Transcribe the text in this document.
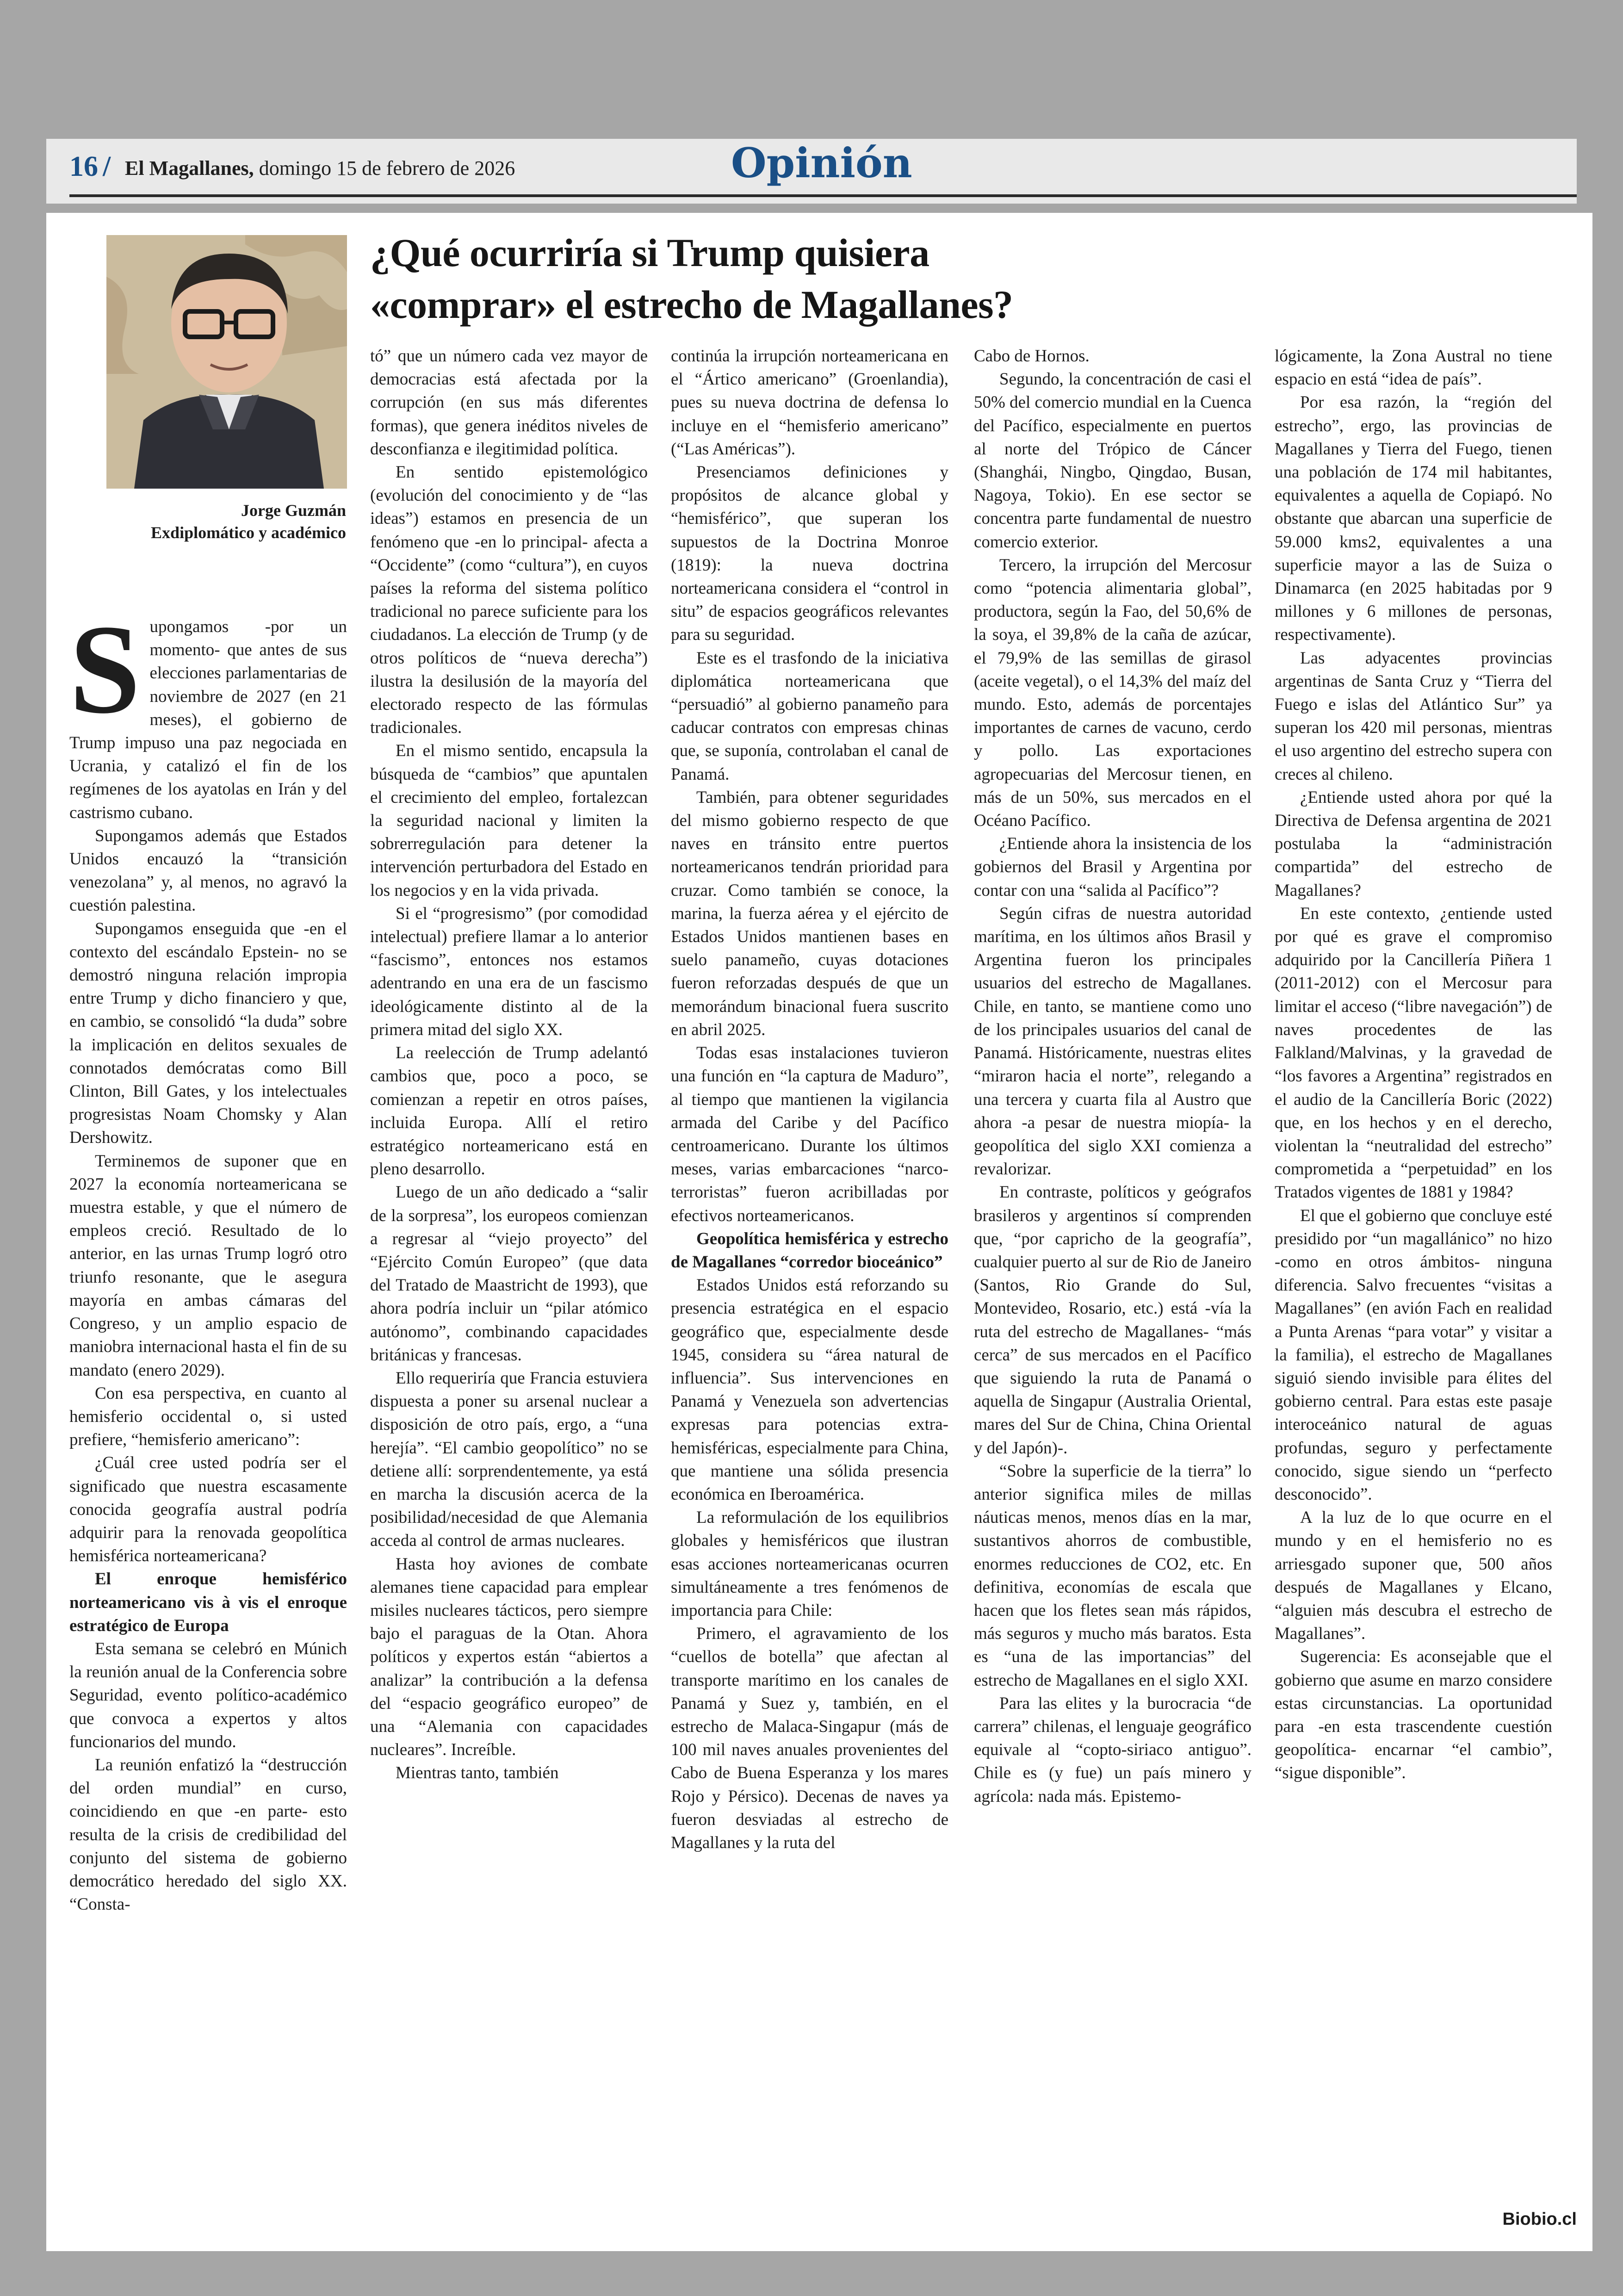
16 / El Magallanes, domingo 15 de febrero de 2026	Opinión
Jorge Guzmán
Exdiplomático y académico
¿Qué ocurriría si Trump quisiera
«comprar» el estrecho de Magallanes?
S upongamos -por un momento- que antes de sus elecciones parlamentarias de noviembre de 2027 (en 21 meses), el gobierno de Trump impuso una paz negociada en Ucrania, y catalizó el fin de los regímenes de los ayatolas en Irán y del castrismo cubano.

Supongamos además que Estados Unidos encauzó la “transición venezolana” y, al menos, no agravó la cuestión palestina.

Supongamos enseguida que -en el contexto del escándalo Epstein- no se demostró ninguna relación impropia entre Trump y dicho financiero y que, en cambio, se consolidó “la duda” sobre la implicación en delitos sexuales de connotados demócratas como Bill Clinton, Bill Gates, y los intelectuales progresistas Noam Chomsky y Alan Dershowitz.

Terminemos de suponer que en 2027 la economía norteamericana se muestra estable, y que el número de empleos creció. Resultado de lo anterior, en las urnas Trump logró otro triunfo resonante, que le asegura mayoría en ambas cámaras del Congreso, y un amplio espacio de maniobra internacional hasta el fin de su mandato (enero 2029).

Con esa perspectiva, en cuanto al hemisferio occidental o, si usted prefiere, “hemisferio americano”:

¿Cuál cree usted podría ser el significado que nuestra escasamente conocida geografía austral podría adquirir para la renovada geopolítica hemisférica norteamericana?

El enroque hemisférico norteamericano vis à vis el enroque estratégico de Europa

Esta semana se celebró en Múnich la reunión anual de la Conferencia sobre Seguridad, evento político-académico que convoca a expertos y altos funcionarios del mundo.

La reunión enfatizó la “destrucción del orden mundial” en curso, coincidiendo en que -en parte- esto resulta de la crisis de credibilidad del conjunto del sistema de gobierno democrático heredado del siglo XX. “Consta-

tó” que un número cada vez mayor de democracias está afectada por la corrupción (en sus más diferentes formas), que genera inéditos niveles de desconfianza e ilegitimidad política.

En sentido epistemológico (evolución del conocimiento y de “las ideas”) estamos en presencia de un fenómeno que -en lo principal- afecta a “Occidente” (como “cultura”), en cuyos países la reforma del sistema político tradicional no parece suficiente para los ciudadanos. La elección de Trump (y de otros políticos de “nueva derecha”) ilustra la desilusión de la mayoría del electorado respecto de las fórmulas tradicionales.

En el mismo sentido, encapsula la búsqueda de “cambios” que apuntalen el crecimiento del empleo, fortalezcan la seguridad nacional y limiten la sobrerregulación para detener la intervención perturbadora del Estado en los negocios y en la vida privada.

Si el “progresismo” (por comodidad intelectual) prefiere llamar a lo anterior “fascismo”, entonces nos estamos adentrando en una era de un fascismo ideológicamente distinto al de la primera mitad del siglo XX.

La reelección de Trump adelantó cambios que, poco a poco, se comienzan a repetir en otros países, incluida Europa. Allí el retiro estratégico norteamericano está en pleno desarrollo.

Luego de un año dedicado a “salir de la sorpresa”, los europeos comienzan a regresar al “viejo proyecto” del “Ejército Común Europeo” (que data del Tratado de Maastricht de 1993), que ahora podría incluir un “pilar atómico autónomo”, combinando capacidades británicas y francesas.

Ello requeriría que Francia estuviera dispuesta a poner su arsenal nuclear a disposición de otro país, ergo, a “una herejía”. “El cambio geopolítico” no se detiene allí: sorprendentemente, ya está en marcha la discusión acerca de la posibilidad/necesidad de que Alemania acceda al control de armas nucleares.

Hasta hoy aviones de combate alemanes tiene capacidad para emplear misiles nucleares tácticos, pero siempre bajo el paraguas de la Otan. Ahora políticos y expertos están “abiertos a analizar” la contribución a la defensa del “espacio geográfico europeo” de una “Alemania con capacidades nucleares”. Increíble.

Mientras tanto, también

continúa la irrupción norteamericana en el “Ártico americano” (Groenlandia), pues su nueva doctrina de defensa lo incluye en el “hemisferio americano” (“Las Américas”).

Presenciamos definiciones y propósitos de alcance global y “hemisférico”, que superan los supuestos de la Doctrina Monroe (1819): la nueva doctrina norteamericana considera el “control in situ” de espacios geográficos relevantes para su seguridad.

Este es el trasfondo de la iniciativa diplomática norteamericana que “persuadió” al gobierno panameño para caducar contratos con empresas chinas que, se suponía, controlaban el canal de Panamá.

También, para obtener seguridades del mismo gobierno respecto de que naves en tránsito entre puertos norteamericanos tendrán prioridad para cruzar. Como también se conoce, la marina, la fuerza aérea y el ejército de Estados Unidos mantienen bases en suelo panameño, cuyas dotaciones fueron reforzadas después de que un memorándum binacional fuera suscrito en abril 2025.

Todas esas instalaciones tuvieron una función en “la captura de Maduro”, al tiempo que mantienen la vigilancia armada del Caribe y del Pacífico centroamericano. Durante los últimos meses, varias embarcaciones “narco-terroristas” fueron acribilladas por efectivos norteamericanos.

Geopolítica hemisférica y estrecho de Magallanes “corredor bioceánico”

Estados Unidos está reforzando su presencia estratégica en el espacio geográfico que, especialmente desde 1945, considera su “área natural de influencia”. Sus intervenciones en Panamá y Venezuela son advertencias expresas para potencias extra-hemisféricas, especialmente para China, que mantiene una sólida presencia económica en Iberoamérica.

La reformulación de los equilibrios globales y hemisféricos que ilustran esas acciones norteamericanas ocurren simultáneamente a tres fenómenos de importancia para Chile:

Primero, el agravamiento de los “cuellos de botella” que afectan al transporte marítimo en los canales de Panamá y Suez y, también, en el estrecho de Malaca-Singapur (más de 100 mil naves anuales provenientes del Cabo de Buena Esperanza y los mares Rojo y Pérsico). Decenas de naves ya fueron desviadas al estrecho de Magallanes y la ruta del

Cabo de Hornos.

Segundo, la concentración de casi el 50% del comercio mundial en la Cuenca del Pacífico, especialmente en puertos al norte del Trópico de Cáncer (Shanghái, Ningbo, Qingdao, Busan, Nagoya, Tokio). En ese sector se concentra parte fundamental de nuestro comercio exterior.

Tercero, la irrupción del Mercosur como “potencia alimentaria global”, productora, según la Fao, del 50,6% de la soya, el 39,8% de la caña de azúcar, el 79,9% de las semillas de girasol (aceite vegetal), o el 14,3% del maíz del mundo. Esto, además de porcentajes importantes de carnes de vacuno, cerdo y pollo. Las exportaciones agropecuarias del Mercosur tienen, en más de un 50%, sus mercados en el Océano Pacífico.

¿Entiende ahora la insistencia de los gobiernos del Brasil y Argentina por contar con una “salida al Pacífico”?

Según cifras de nuestra autoridad marítima, en los últimos años Brasil y Argentina fueron los principales usuarios del estrecho de Magallanes. Chile, en tanto, se mantiene como uno de los principales usuarios del canal de Panamá. Históricamente, nuestras elites “miraron hacia el norte”, relegando a una tercera y cuarta fila al Austro que ahora -a pesar de nuestra miopía- la geopolítica del siglo XXI comienza a revalorizar.

En contraste, políticos y geógrafos brasileros y argentinos sí comprenden que, “por capricho de la geografía”, cualquier puerto al sur de Rio de Janeiro (Santos, Rio Grande do Sul, Montevideo, Rosario, etc.) está -vía la ruta del estrecho de Magallanes- “más cerca” de sus mercados en el Pacífico que siguiendo la ruta de Panamá o aquella de Singapur (Australia Oriental, mares del Sur de China, China Oriental y del Japón)-.

“Sobre la superficie de la tierra” lo anterior significa miles de millas náuticas menos, menos días en la mar, sustantivos ahorros de combustible, enormes reducciones de CO2, etc. En definitiva, economías de escala que hacen que los fletes sean más rápidos, más seguros y mucho más baratos. Esta es “una de las importancias” del estrecho de Magallanes en el siglo XXI.

Para las elites y la burocracia “de carrera” chilenas, el lenguaje geográfico equivale al “copto-siriaco antiguo”. Chile es (y fue) un país minero y agrícola: nada más. Epistemo-

lógicamente, la Zona Austral no tiene espacio en está “idea de país”.

Por esa razón, la “región del estrecho”, ergo, las provincias de Magallanes y Tierra del Fuego, tienen una población de 174 mil habitantes, equivalentes a aquella de Copiapó. No obstante que abarcan una superficie de 59.000 kms2, equivalentes a una superficie mayor a las de Suiza o Dinamarca (en 2025 habitadas por 9 millones y 6 millones de personas, respectivamente).

Las adyacentes provincias argentinas de Santa Cruz y “Tierra del Fuego e islas del Atlántico Sur” ya superan los 420 mil personas, mientras el uso argentino del estrecho supera con creces al chileno.

¿Entiende usted ahora por qué la Directiva de Defensa argentina de 2021 postulaba la “administración compartida” del estrecho de Magallanes?

En este contexto, ¿entiende usted por qué es grave el compromiso adquirido por la Cancillería Piñera 1 (2011-2012) con el Mercosur para limitar el acceso (“libre navegación”) de naves procedentes de las Falkland/Malvinas, y la gravedad de “los favores a Argentina” registrados en el audio de la Cancillería Boric (2022) que, en los hechos y en el derecho, violentan la “neutralidad del estrecho” comprometida a “perpetuidad” en los Tratados vigentes de 1881 y 1984?

El que el gobierno que concluye esté presidido por “un magallánico” no hizo -como en otros ámbitos- ninguna diferencia. Salvo frecuentes “visitas a Magallanes” (en avión Fach en realidad a Punta Arenas “para votar” y visitar a la familia), el estrecho de Magallanes siguió siendo invisible para élites del gobierno central. Para estas este pasaje interoceánico natural de aguas profundas, seguro y perfectamente conocido, sigue siendo un “perfecto desconocido”.

A la luz de lo que ocurre en el mundo y en el hemisferio no es arriesgado suponer que, 500 años después de Magallanes y Elcano, “alguien más descubra el estrecho de Magallanes”.

Sugerencia: Es aconsejable que el gobierno que asume en marzo considere estas circunstancias. La oportunidad para -en esta trascendente cuestión geopolítica- encarnar “el cambio”, “sigue disponible”.

Biobio.cl
